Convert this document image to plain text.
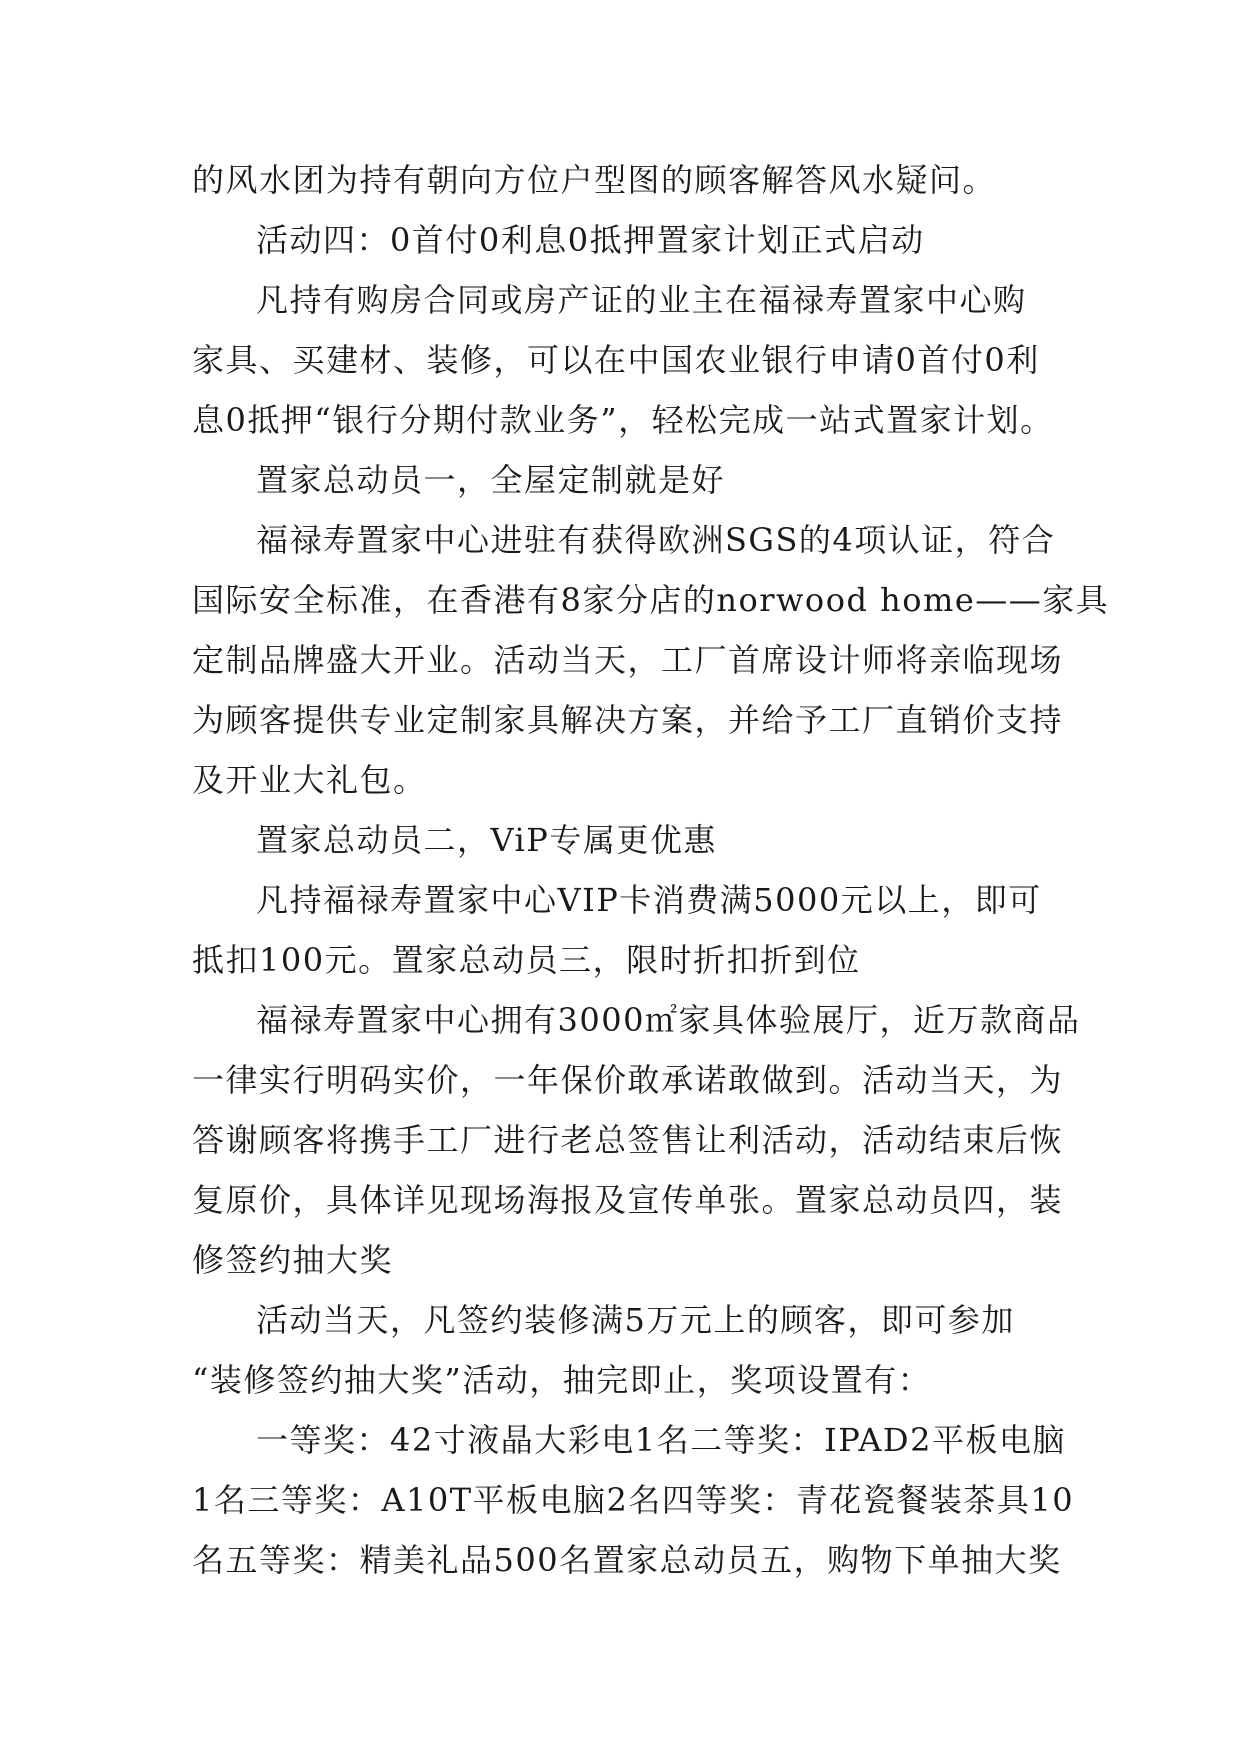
的风水团为持有朝向方位户型图的顾客解答风水疑问。
活动四：0首付0利息0抵押置家计划正式启动
凡持有购房合同或房产证的业主在福禄寿置家中心购
家具、买建材、装修，可以在中国农业银行申请0首付0利
息0抵押“银行分期付款业务”，轻松完成一站式置家计划。
置家总动员一，全屋定制就是好
福禄寿置家中心进驻有获得欧洲SGS的4项认证，符合
国际安全标准，在香港有8家分店的norwood home——家具
定制品牌盛大开业。活动当天，工厂首席设计师将亲临现场
为顾客提供专业定制家具解决方案，并给予工厂直销价支持
及开业大礼包。
置家总动员二，ViP专属更优惠
凡持福禄寿置家中心VIP卡消费满5000元以上，即可
抵扣100元。置家总动员三，限时折扣折到位
福禄寿置家中心拥有3000㎡家具体验展厅，近万款商品
一律实行明码实价，一年保价敢承诺敢做到。活动当天，为
答谢顾客将携手工厂进行老总签售让利活动，活动结束后恢
复原价，具体详见现场海报及宣传单张。置家总动员四，装
修签约抽大奖
活动当天，凡签约装修满5万元上的顾客，即可参加
“装修签约抽大奖”活动，抽完即止，奖项设置有：
一等奖：42寸液晶大彩电1名二等奖：IPAD2平板电脑
1名三等奖：A10T平板电脑2名四等奖：青花瓷餐装茶具10
名五等奖：精美礼品500名置家总动员五，购物下单抽大奖
